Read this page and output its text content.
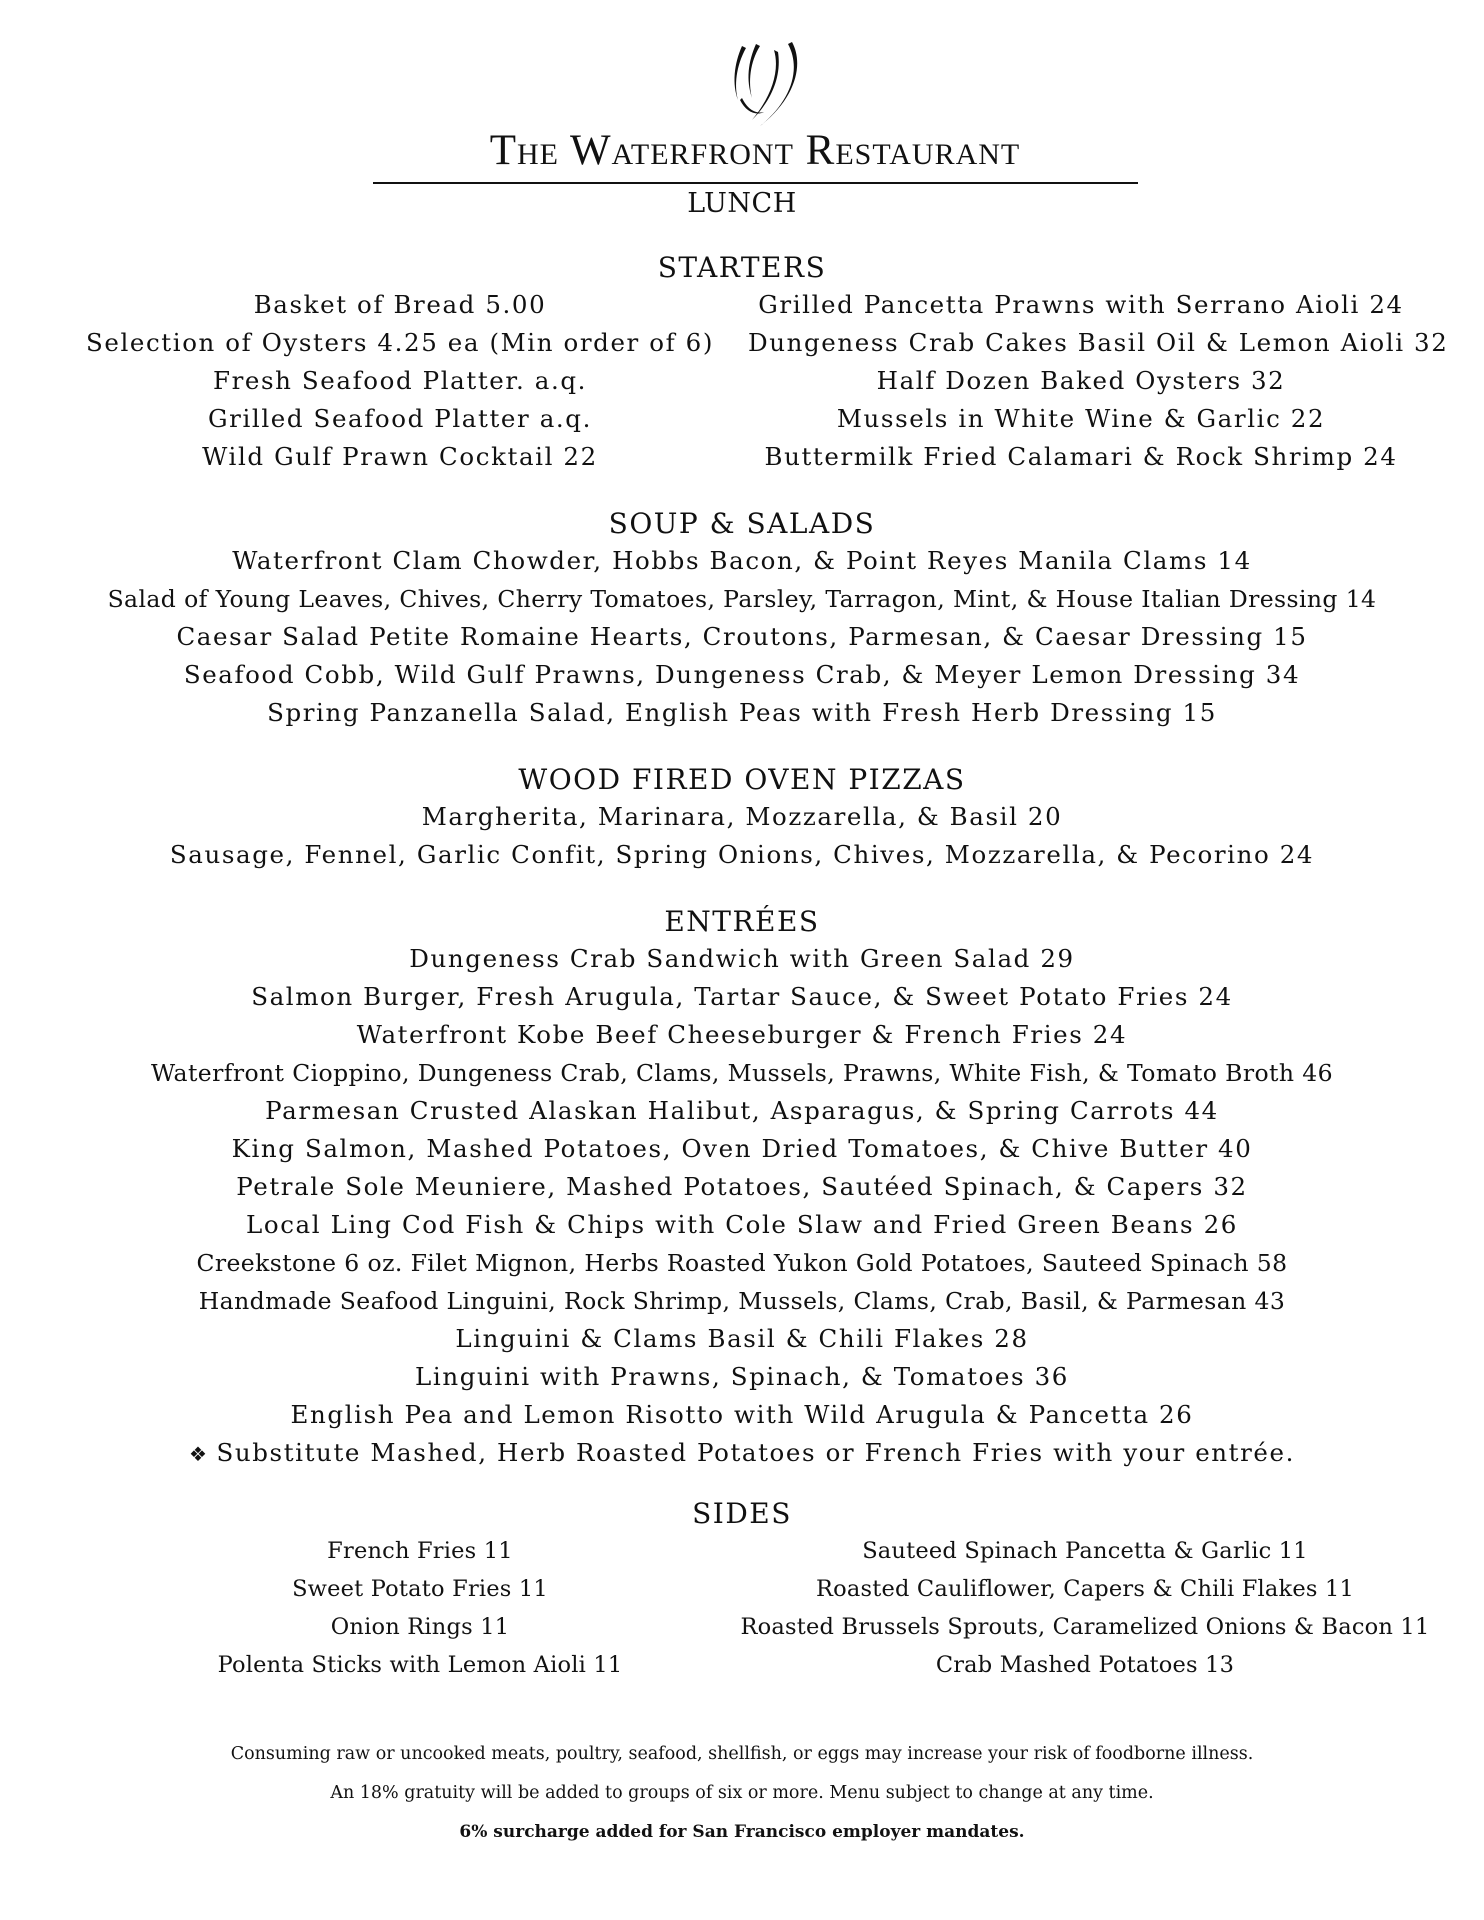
The Waterfront Restaurant
LUNCH
STARTERS
Basket of Bread 5.00
Selection of Oysters 4.25 ea (Min order of 6)
Fresh Seafood Platter. a.q.
Grilled Seafood Platter a.q.
Wild Gulf Prawn Cocktail 22
Grilled Pancetta Prawns with Serrano Aioli 24
Dungeness Crab Cakes Basil Oil & Lemon Aioli 32
Half Dozen Baked Oysters 32
Mussels in White Wine & Garlic 22
Buttermilk Fried Calamari & Rock Shrimp 24
SOUP & SALADS
Waterfront Clam Chowder, Hobbs Bacon, & Point Reyes Manila Clams 14
Salad of Young Leaves, Chives, Cherry Tomatoes, Parsley, Tarragon, Mint, & House Italian Dressing 14
Caesar Salad Petite Romaine Hearts, Croutons, Parmesan, & Caesar Dressing 15
Seafood Cobb, Wild Gulf Prawns, Dungeness Crab, & Meyer Lemon Dressing 34
Spring Panzanella Salad, English Peas with Fresh Herb Dressing 15
WOOD FIRED OVEN PIZZAS
Margherita, Marinara, Mozzarella, & Basil 20
Sausage, Fennel, Garlic Confit, Spring Onions, Chives, Mozzarella, & Pecorino 24
ENTRÉES
Dungeness Crab Sandwich with Green Salad 29
Salmon Burger, Fresh Arugula, Tartar Sauce, & Sweet Potato Fries 24
Waterfront Kobe Beef Cheeseburger & French Fries 24
Waterfront Cioppino, Dungeness Crab, Clams, Mussels, Prawns, White Fish, & Tomato Broth 46
Parmesan Crusted Alaskan Halibut, Asparagus, & Spring Carrots 44
King Salmon, Mashed Potatoes, Oven Dried Tomatoes, & Chive Butter 40
Petrale Sole Meuniere, Mashed Potatoes, Sautéed Spinach, & Capers 32
Local Ling Cod Fish & Chips with Cole Slaw and Fried Green Beans 26
Creekstone 6 oz. Filet Mignon, Herbs Roasted Yukon Gold Potatoes, Sauteed Spinach 58
Handmade Seafood Linguini, Rock Shrimp, Mussels, Clams, Crab, Basil, & Parmesan 43
Linguini & Clams Basil & Chili Flakes 28
Linguini with Prawns, Spinach, & Tomatoes 36
English Pea and Lemon Risotto with Wild Arugula & Pancetta 26
❖ Substitute Mashed, Herb Roasted Potatoes or French Fries with your entrée.
SIDES
French Fries 11
Sweet Potato Fries 11
Onion Rings 11
Polenta Sticks with Lemon Aioli 11
Sauteed Spinach Pancetta & Garlic 11
Roasted Cauliflower, Capers & Chili Flakes 11
Roasted Brussels Sprouts, Caramelized Onions & Bacon 11
Crab Mashed Potatoes 13
Consuming raw or uncooked meats, poultry, seafood, shellfish, or eggs may increase your risk of foodborne illness.
An 18% gratuity will be added to groups of six or more. Menu subject to change at any time.
6% surcharge added for San Francisco employer mandates.
